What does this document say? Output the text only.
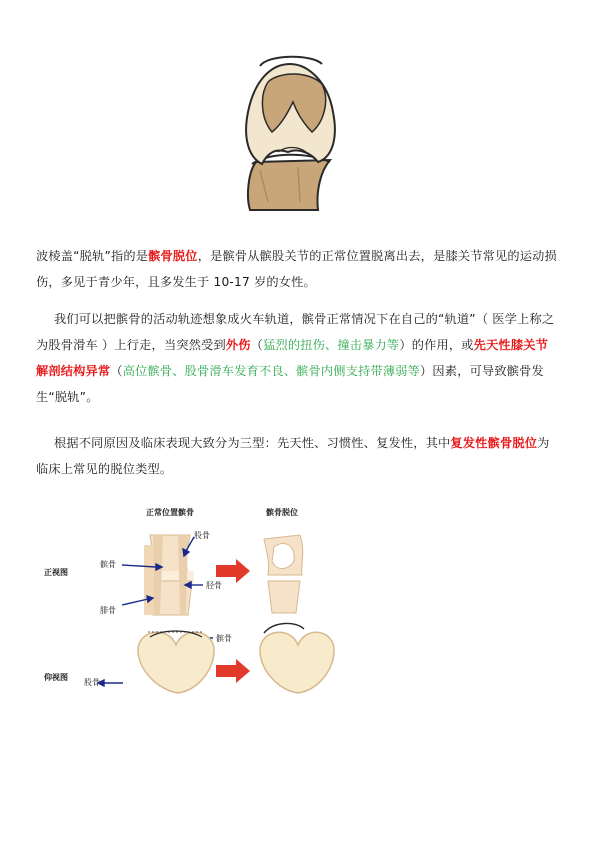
波棱盖“脱轨”指的是髌骨脱位，是髌骨从髌股关节的正常位置脱离出去，是膝关节常见的运动损伤，多见于青少年，且多发生于 10-17 岁的女性。
我们可以把髌骨的活动轨迹想象成火车轨道，髌骨正常情况下在自己的“轨道”（ 医学上称之为股骨滑车 ）上行走，当突然受到外伤（猛烈的扭伤、撞击暴力等）的作用，或先天性膝关节解剖结构异常（高位髌骨、股骨滑车发育不良、髌骨内侧支持带薄弱等）因素，可导致髌骨发生“脱轨”。
根据不同原因及临床表现大致分为三型：先天性、习惯性、复发性，其中复发性髌骨脱位为临床上常见的脱位类型。
正常位置髌骨	髌骨脱位
正视图
仰视图
髌骨
股骨
胫骨
腓骨
髌骨
股骨
